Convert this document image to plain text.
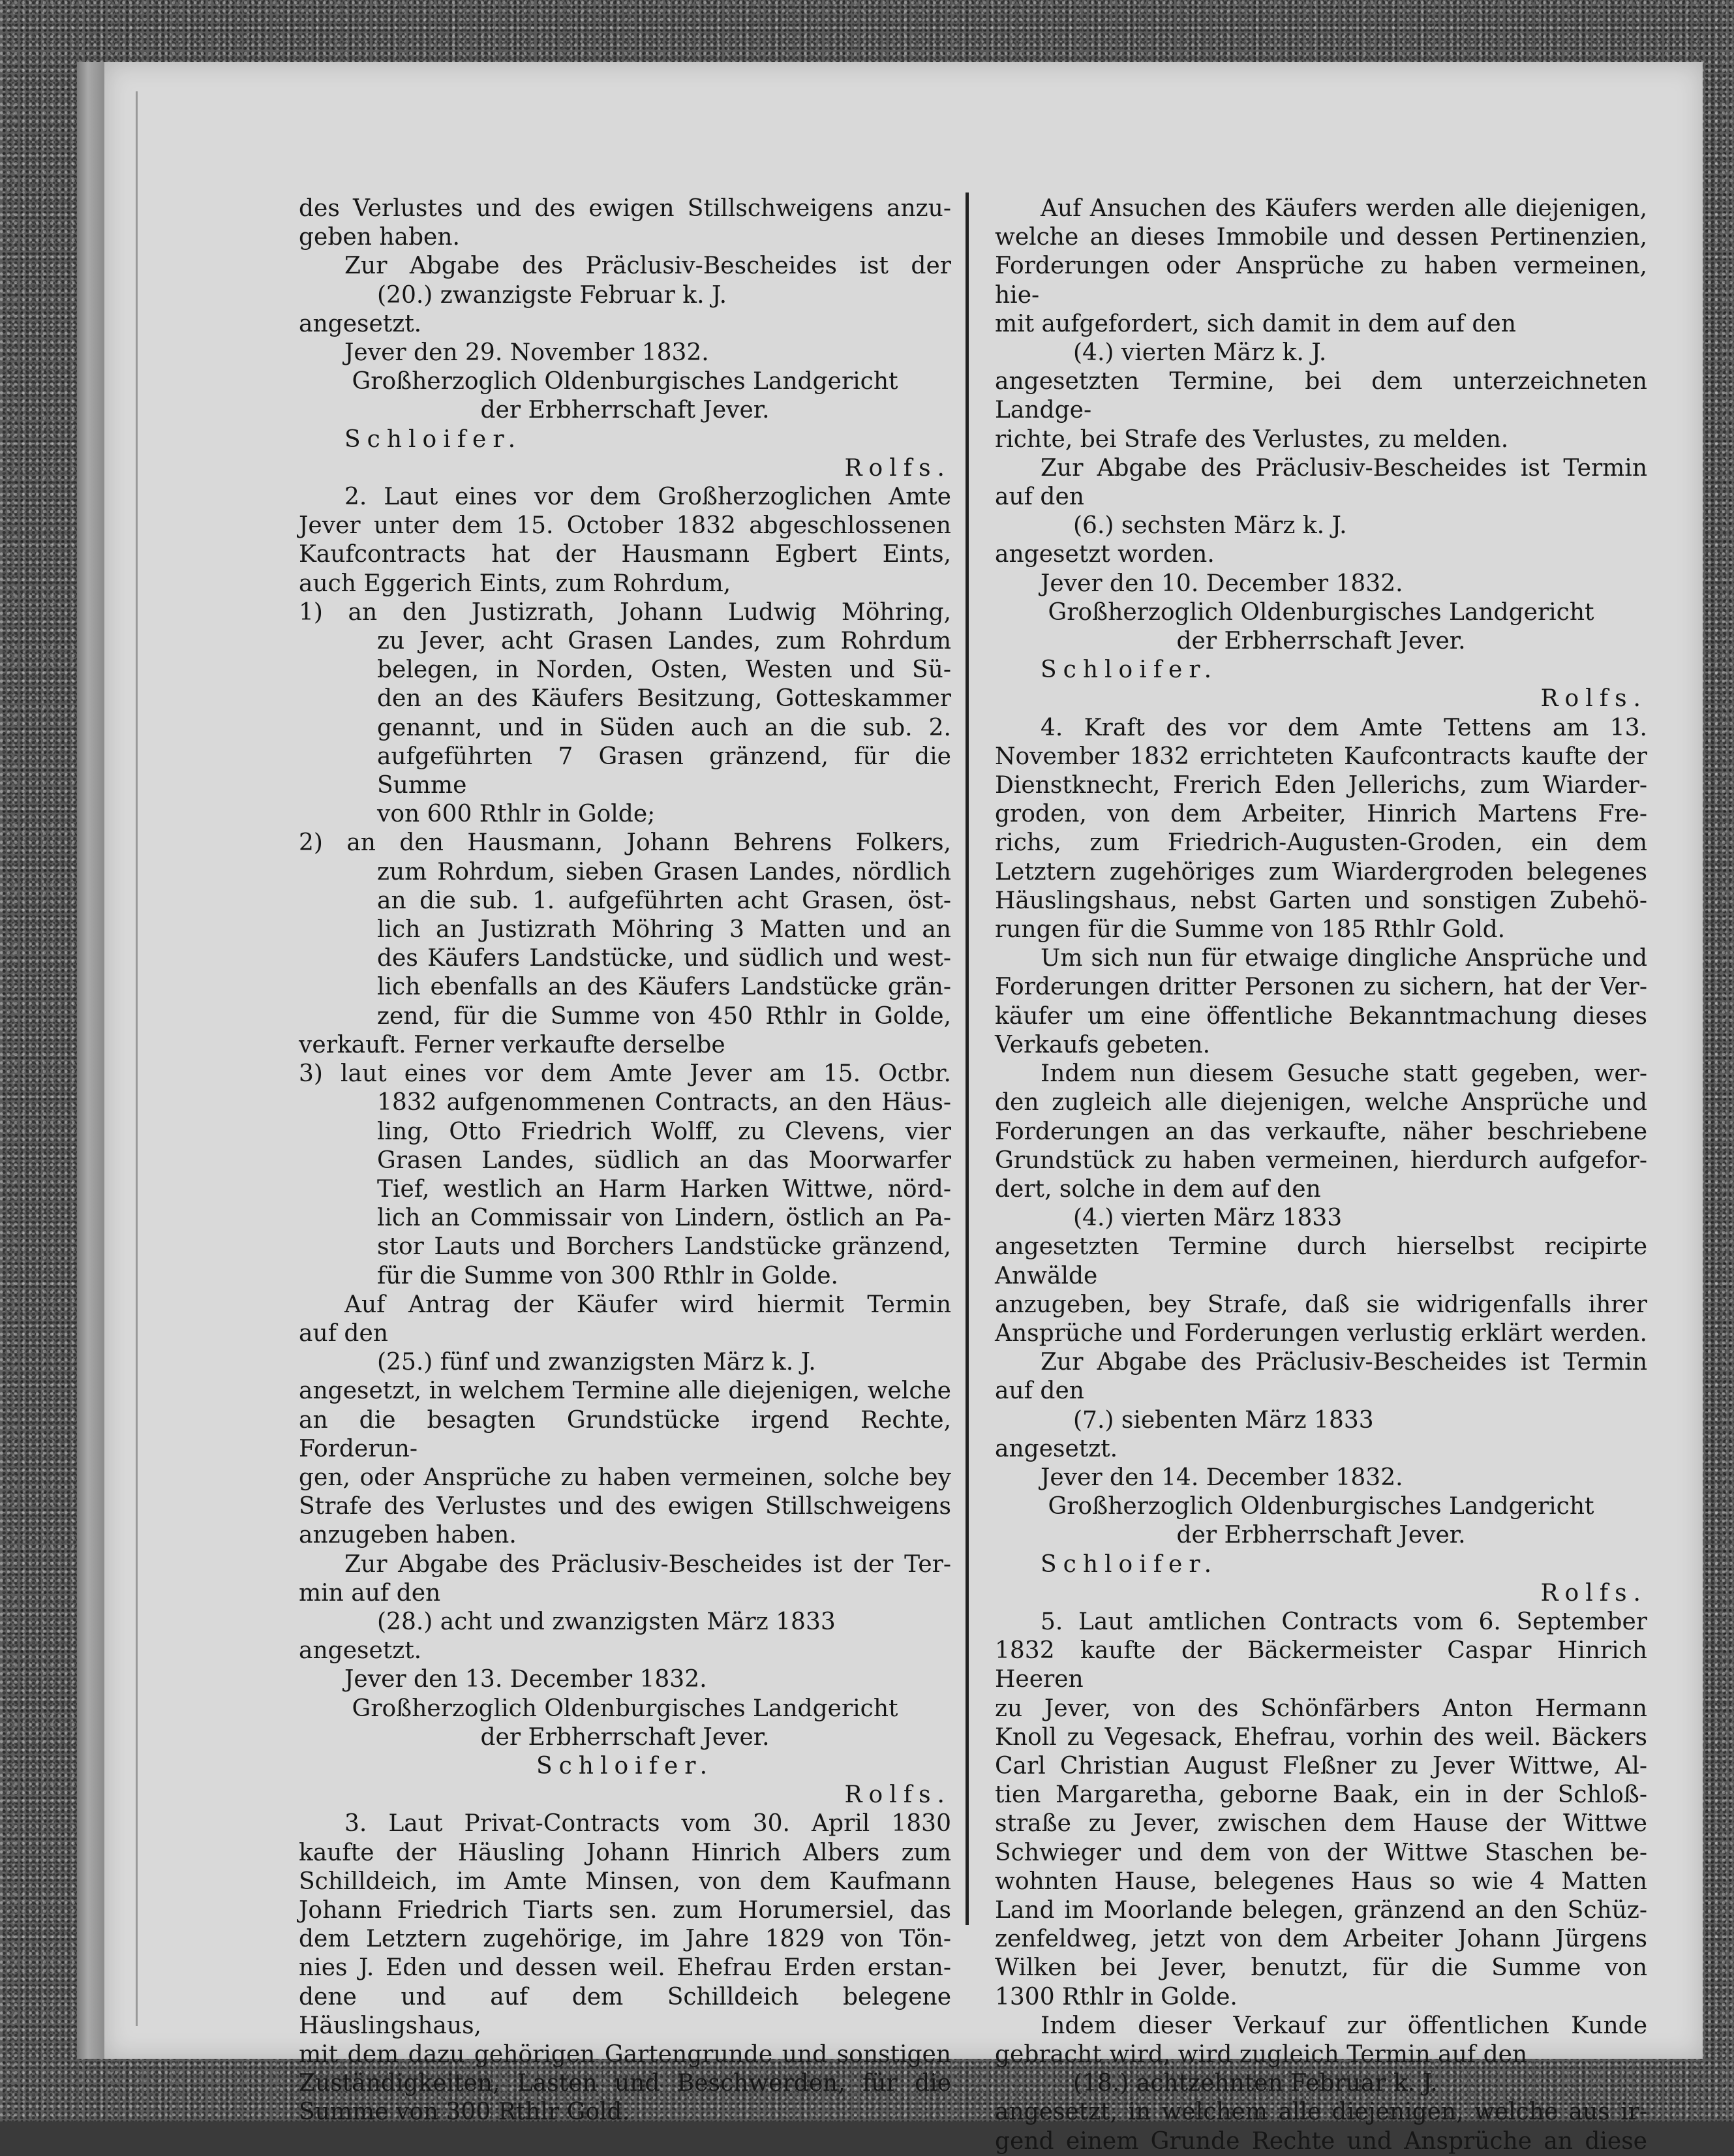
des Verlustes und des ewigen Stillschweigens anzu-

geben haben.

Zur Abgabe des Präclusiv-Bescheides ist der

(20.) zwanzigste Februar k. J.

angesetzt.

Jever den 29. November 1832.

Großherzoglich Oldenburgisches Landgericht

der Erbherrschaft Jever.

Schloifer.

Rolfs.

2. Laut eines vor dem Großherzoglichen Amte

Jever unter dem 15. October 1832 abgeschlossenen

Kaufcontracts hat der Hausmann Egbert Eints,

auch Eggerich Eints, zum Rohrdum,

1) an den Justizrath, Johann Ludwig Möhring,

zu Jever, acht Grasen Landes, zum Rohrdum

belegen, in Norden, Osten, Westen und Sü-

den an des Käufers Besitzung, Gotteskammer

genannt, und in Süden auch an die sub. 2.

aufgeführten 7 Grasen gränzend, für die Summe

von 600 Rthlr in Golde;

2) an den Hausmann, Johann Behrens Folkers,

zum Rohrdum, sieben Grasen Landes, nördlich

an die sub. 1. aufgeführten acht Grasen, öst-

lich an Justizrath Möhring 3 Matten und an

des Käufers Landstücke, und südlich und west-

lich ebenfalls an des Käufers Landstücke grän-

zend, für die Summe von 450 Rthlr in Golde,

verkauft. Ferner verkaufte derselbe

3) laut eines vor dem Amte Jever am 15. Octbr.

1832 aufgenommenen Contracts, an den Häus-

ling, Otto Friedrich Wolff, zu Clevens, vier

Grasen Landes, südlich an das Moorwarfer

Tief, westlich an Harm Harken Wittwe, nörd-

lich an Commissair von Lindern, östlich an Pa-

stor Lauts und Borchers Landstücke gränzend,

für die Summe von 300 Rthlr in Golde.

Auf Antrag der Käufer wird hiermit Termin

auf den

(25.) fünf und zwanzigsten März k. J.

angesetzt, in welchem Termine alle diejenigen, welche

an die besagten Grundstücke irgend Rechte, Forderun-

gen, oder Ansprüche zu haben vermeinen, solche bey

Strafe des Verlustes und des ewigen Stillschweigens

anzugeben haben.

Zur Abgabe des Präclusiv-Bescheides ist der Ter-

min auf den

(28.) acht und zwanzigsten März 1833

angesetzt.

Jever den 13. December 1832.

Großherzoglich Oldenburgisches Landgericht

der Erbherrschaft Jever.

Schloifer.

Rolfs.

3. Laut Privat-Contracts vom 30. April 1830

kaufte der Häusling Johann Hinrich Albers zum

Schilldeich, im Amte Minsen, von dem Kaufmann

Johann Friedrich Tiarts sen. zum Horumersiel, das

dem Letztern zugehörige, im Jahre 1829 von Tön-

nies J. Eden und dessen weil. Ehefrau Erden erstan-

dene und auf dem Schilldeich belegene Häuslingshaus,

mit dem dazu gehörigen Gartengrunde und sonstigen

Zuständigkeiten, Lasten und Beschwerden, für die

Summe von 300 Rthlr Gold.

Auf Ansuchen des Käufers werden alle diejenigen,

welche an dieses Immobile und dessen Pertinenzien,

Forderungen oder Ansprüche zu haben vermeinen, hie-

mit aufgefordert, sich damit in dem auf den

(4.) vierten März k. J.

angesetzten Termine, bei dem unterzeichneten Landge-

richte, bei Strafe des Verlustes, zu melden.

Zur Abgabe des Präclusiv-Bescheides ist Termin

auf den

(6.) sechsten März k. J.

angesetzt worden.

Jever den 10. December 1832.

Großherzoglich Oldenburgisches Landgericht

der Erbherrschaft Jever.

Schloifer.

Rolfs.

4. Kraft des vor dem Amte Tettens am 13.

November 1832 errichteten Kaufcontracts kaufte der

Dienstknecht, Frerich Eden Jellerichs, zum Wiarder-

groden, von dem Arbeiter, Hinrich Martens Fre-

richs, zum Friedrich-Augusten-Groden, ein dem

Letztern zugehöriges zum Wiardergroden belegenes

Häuslingshaus, nebst Garten und sonstigen Zubehö-

rungen für die Summe von 185 Rthlr Gold.

Um sich nun für etwaige dingliche Ansprüche und

Forderungen dritter Personen zu sichern, hat der Ver-

käufer um eine öffentliche Bekanntmachung dieses

Verkaufs gebeten.

Indem nun diesem Gesuche statt gegeben, wer-

den zugleich alle diejenigen, welche Ansprüche und

Forderungen an das verkaufte, näher beschriebene

Grundstück zu haben vermeinen, hierdurch aufgefor-

dert, solche in dem auf den

(4.) vierten März 1833

angesetzten Termine durch hierselbst recipirte Anwälde

anzugeben, bey Strafe, daß sie widrigenfalls ihrer

Ansprüche und Forderungen verlustig erklärt werden.

Zur Abgabe des Präclusiv-Bescheides ist Termin

auf den

(7.) siebenten März 1833

angesetzt.

Jever den 14. December 1832.

Großherzoglich Oldenburgisches Landgericht

der Erbherrschaft Jever.

Schloifer.

Rolfs.

5. Laut amtlichen Contracts vom 6. September

1832 kaufte der Bäckermeister Caspar Hinrich Heeren

zu Jever, von des Schönfärbers Anton Hermann

Knoll zu Vegesack, Ehefrau, vorhin des weil. Bäckers

Carl Christian August Fleßner zu Jever Wittwe, Al-

tien Margaretha, geborne Baak, ein in der Schloß-

straße zu Jever, zwischen dem Hause der Wittwe

Schwieger und dem von der Wittwe Staschen be-

wohnten Hause, belegenes Haus so wie 4 Matten

Land im Moorlande belegen, gränzend an den Schüz-

zenfeldweg, jetzt von dem Arbeiter Johann Jürgens

Wilken bei Jever, benutzt, für die Summe von

1300 Rthlr in Golde.

Indem dieser Verkauf zur öffentlichen Kunde

gebracht wird, wird zugleich Termin auf den

(18.) achtzehnten Februar k. J.

angesetzt, in welchem alle diejenigen, welche aus ir-

gend einem Grunde Rechte und Ansprüche an diese
